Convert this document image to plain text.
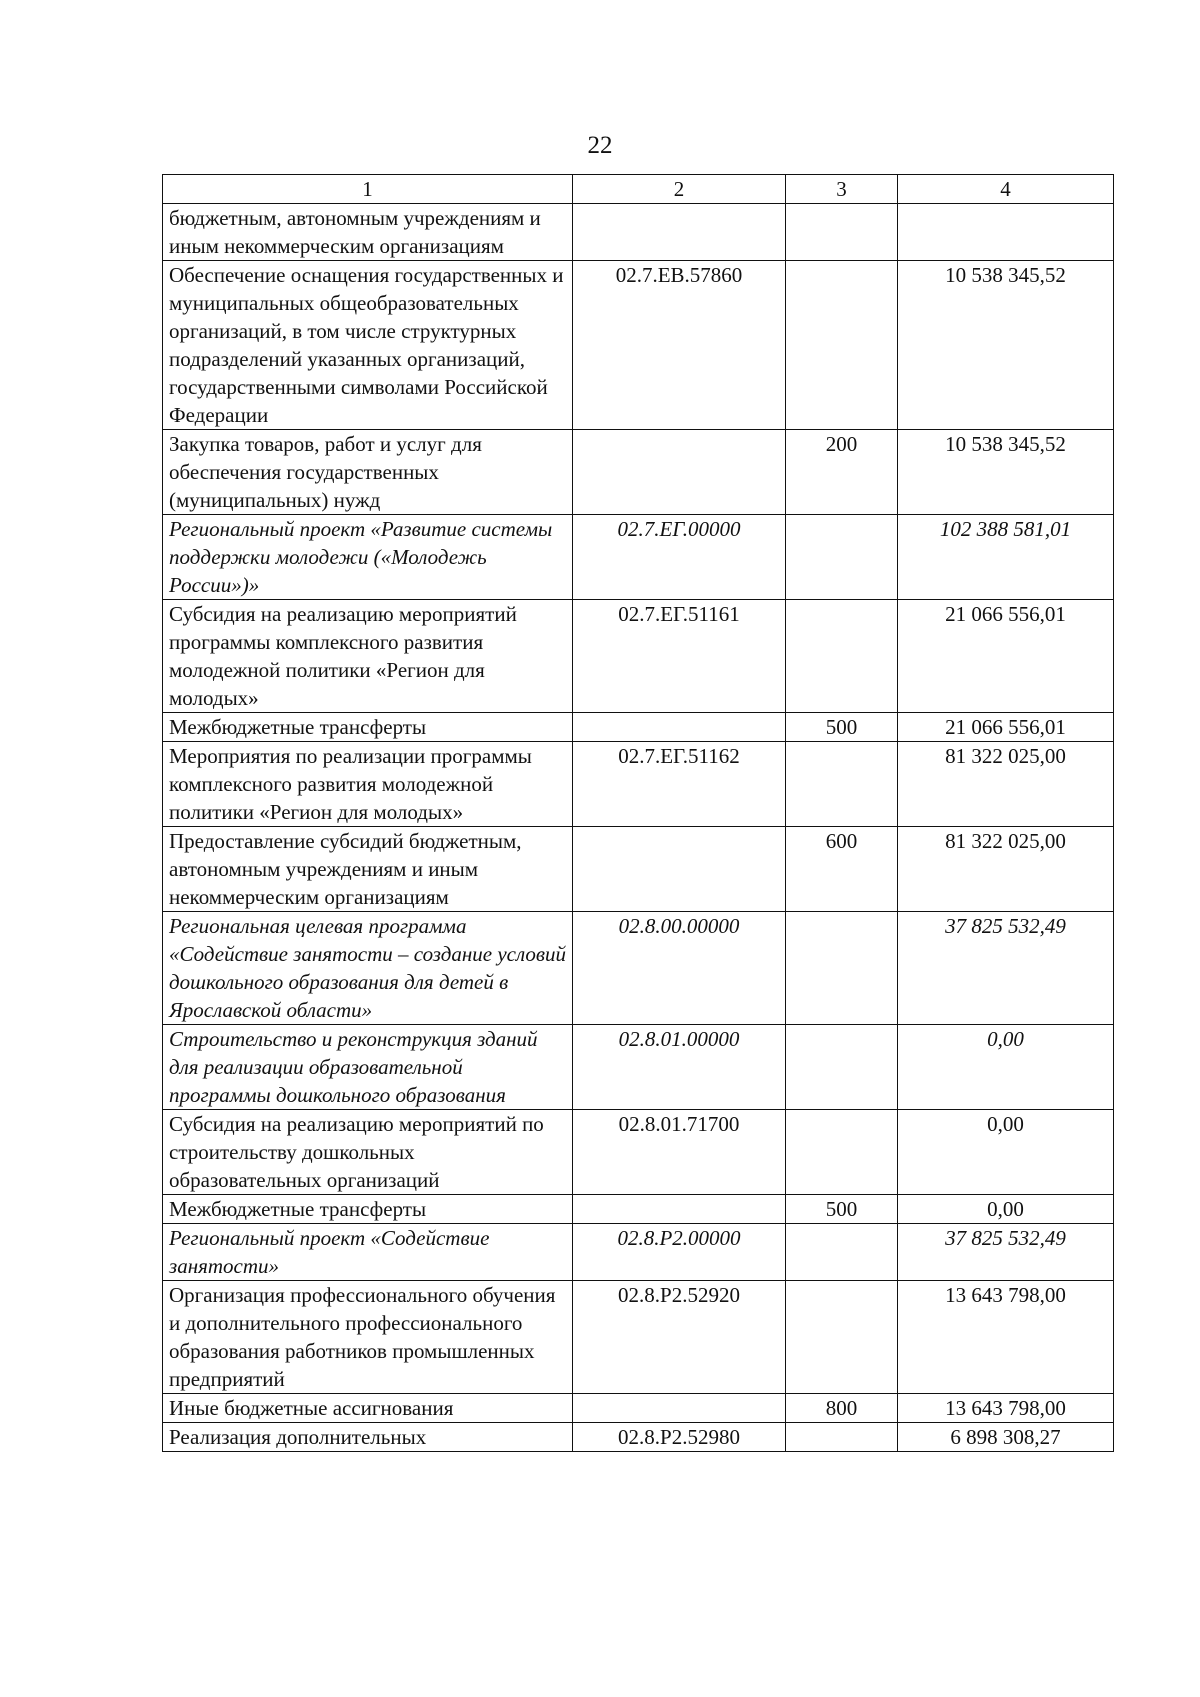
22
1	2	3	4
бюджетным, автономным учреждениям и иным некоммерческим организациям			
Обеспечение оснащения государственных и муниципальных общеобразовательных организаций, в том числе структурных подразделений указанных организаций, государственными символами Российской Федерации	02.7.ЕВ.57860		10 538 345,52
Закупка товаров, работ и услуг для обеспечения государственных (муниципальных) нужд		200	10 538 345,52
Региональный проект «Развитие системы поддержки молодежи («Молодежь России»)»	02.7.ЕГ.00000		102 388 581,01
Субсидия на реализацию мероприятий программы комплексного развития молодежной политики «Регион для молодых»	02.7.ЕГ.51161		21 066 556,01
Межбюджетные трансферты		500	21 066 556,01
Мероприятия по реализации программы комплексного развития молодежной политики «Регион для молодых»	02.7.ЕГ.51162		81 322 025,00
Предоставление субсидий бюджетным, автономным учреждениям и иным некоммерческим организациям		600	81 322 025,00
Региональная целевая программа «Содействие занятости – создание условий дошкольного образования для детей в Ярославской области»	02.8.00.00000		37 825 532,49
Строительство и реконструкция зданий для реализации образовательной программы дошкольного образования	02.8.01.00000		0,00
Субсидия на реализацию мероприятий по строительству дошкольных образовательных организаций	02.8.01.71700		0,00
Межбюджетные трансферты		500	0,00
Региональный проект «Содействие занятости»	02.8.Р2.00000		37 825 532,49
Организация профессионального обучения и дополнительного профессионального образования работников промышленных предприятий	02.8.Р2.52920		13 643 798,00
Иные бюджетные ассигнования		800	13 643 798,00
Реализация дополнительных	02.8.Р2.52980		6 898 308,27
